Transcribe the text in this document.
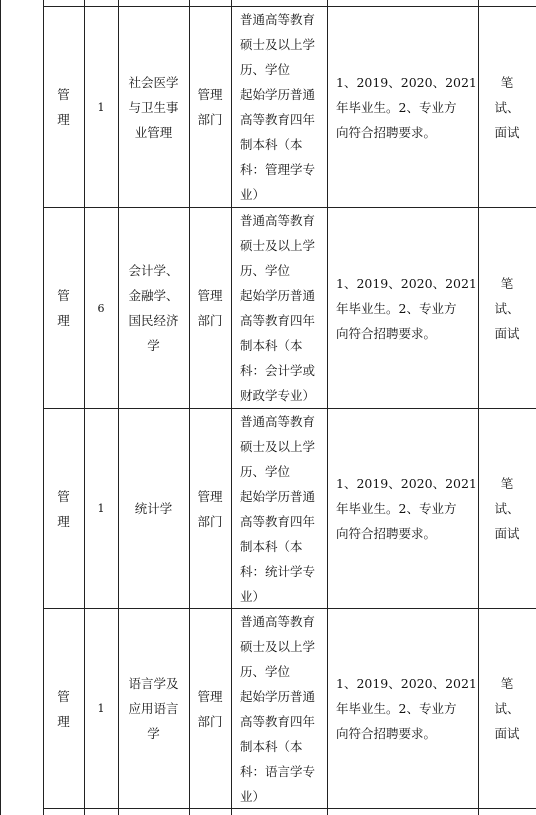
管
理
1
社会医学
与卫生事
业管理
管理
部门
普通高等教育
硕士及以上学
历、学位
起始学历普通
高等教育四年
制本科（本
科：管理学专
业）
1、2019、2020、2021
年毕业生。2、专业方
向符合招聘要求。
笔
试、
面试
管
理
6
会计学、
金融学、
国民经济
学
管理
部门
普通高等教育
硕士及以上学
历、学位
起始学历普通
高等教育四年
制本科（本
科：会计学或
财政学专业）
1、2019、2020、2021
年毕业生。2、专业方
向符合招聘要求。
笔
试、
面试
管
理
1 统计学
管理
部门
普通高等教育
硕士及以上学
历、学位
起始学历普通
高等教育四年
制本科（本
科：统计学专
业）
1、2019、2020、2021
年毕业生。2、专业方
向符合招聘要求。
笔
试、
面试
管
理
1
语言学及
应用语言
学
管理
部门
普通高等教育
硕士及以上学
历、学位
起始学历普通
高等教育四年
制本科（本
科：语言学专
业）
1、2019、2020、2021
年毕业生。2、专业方
向符合招聘要求。
笔
试、
面试
